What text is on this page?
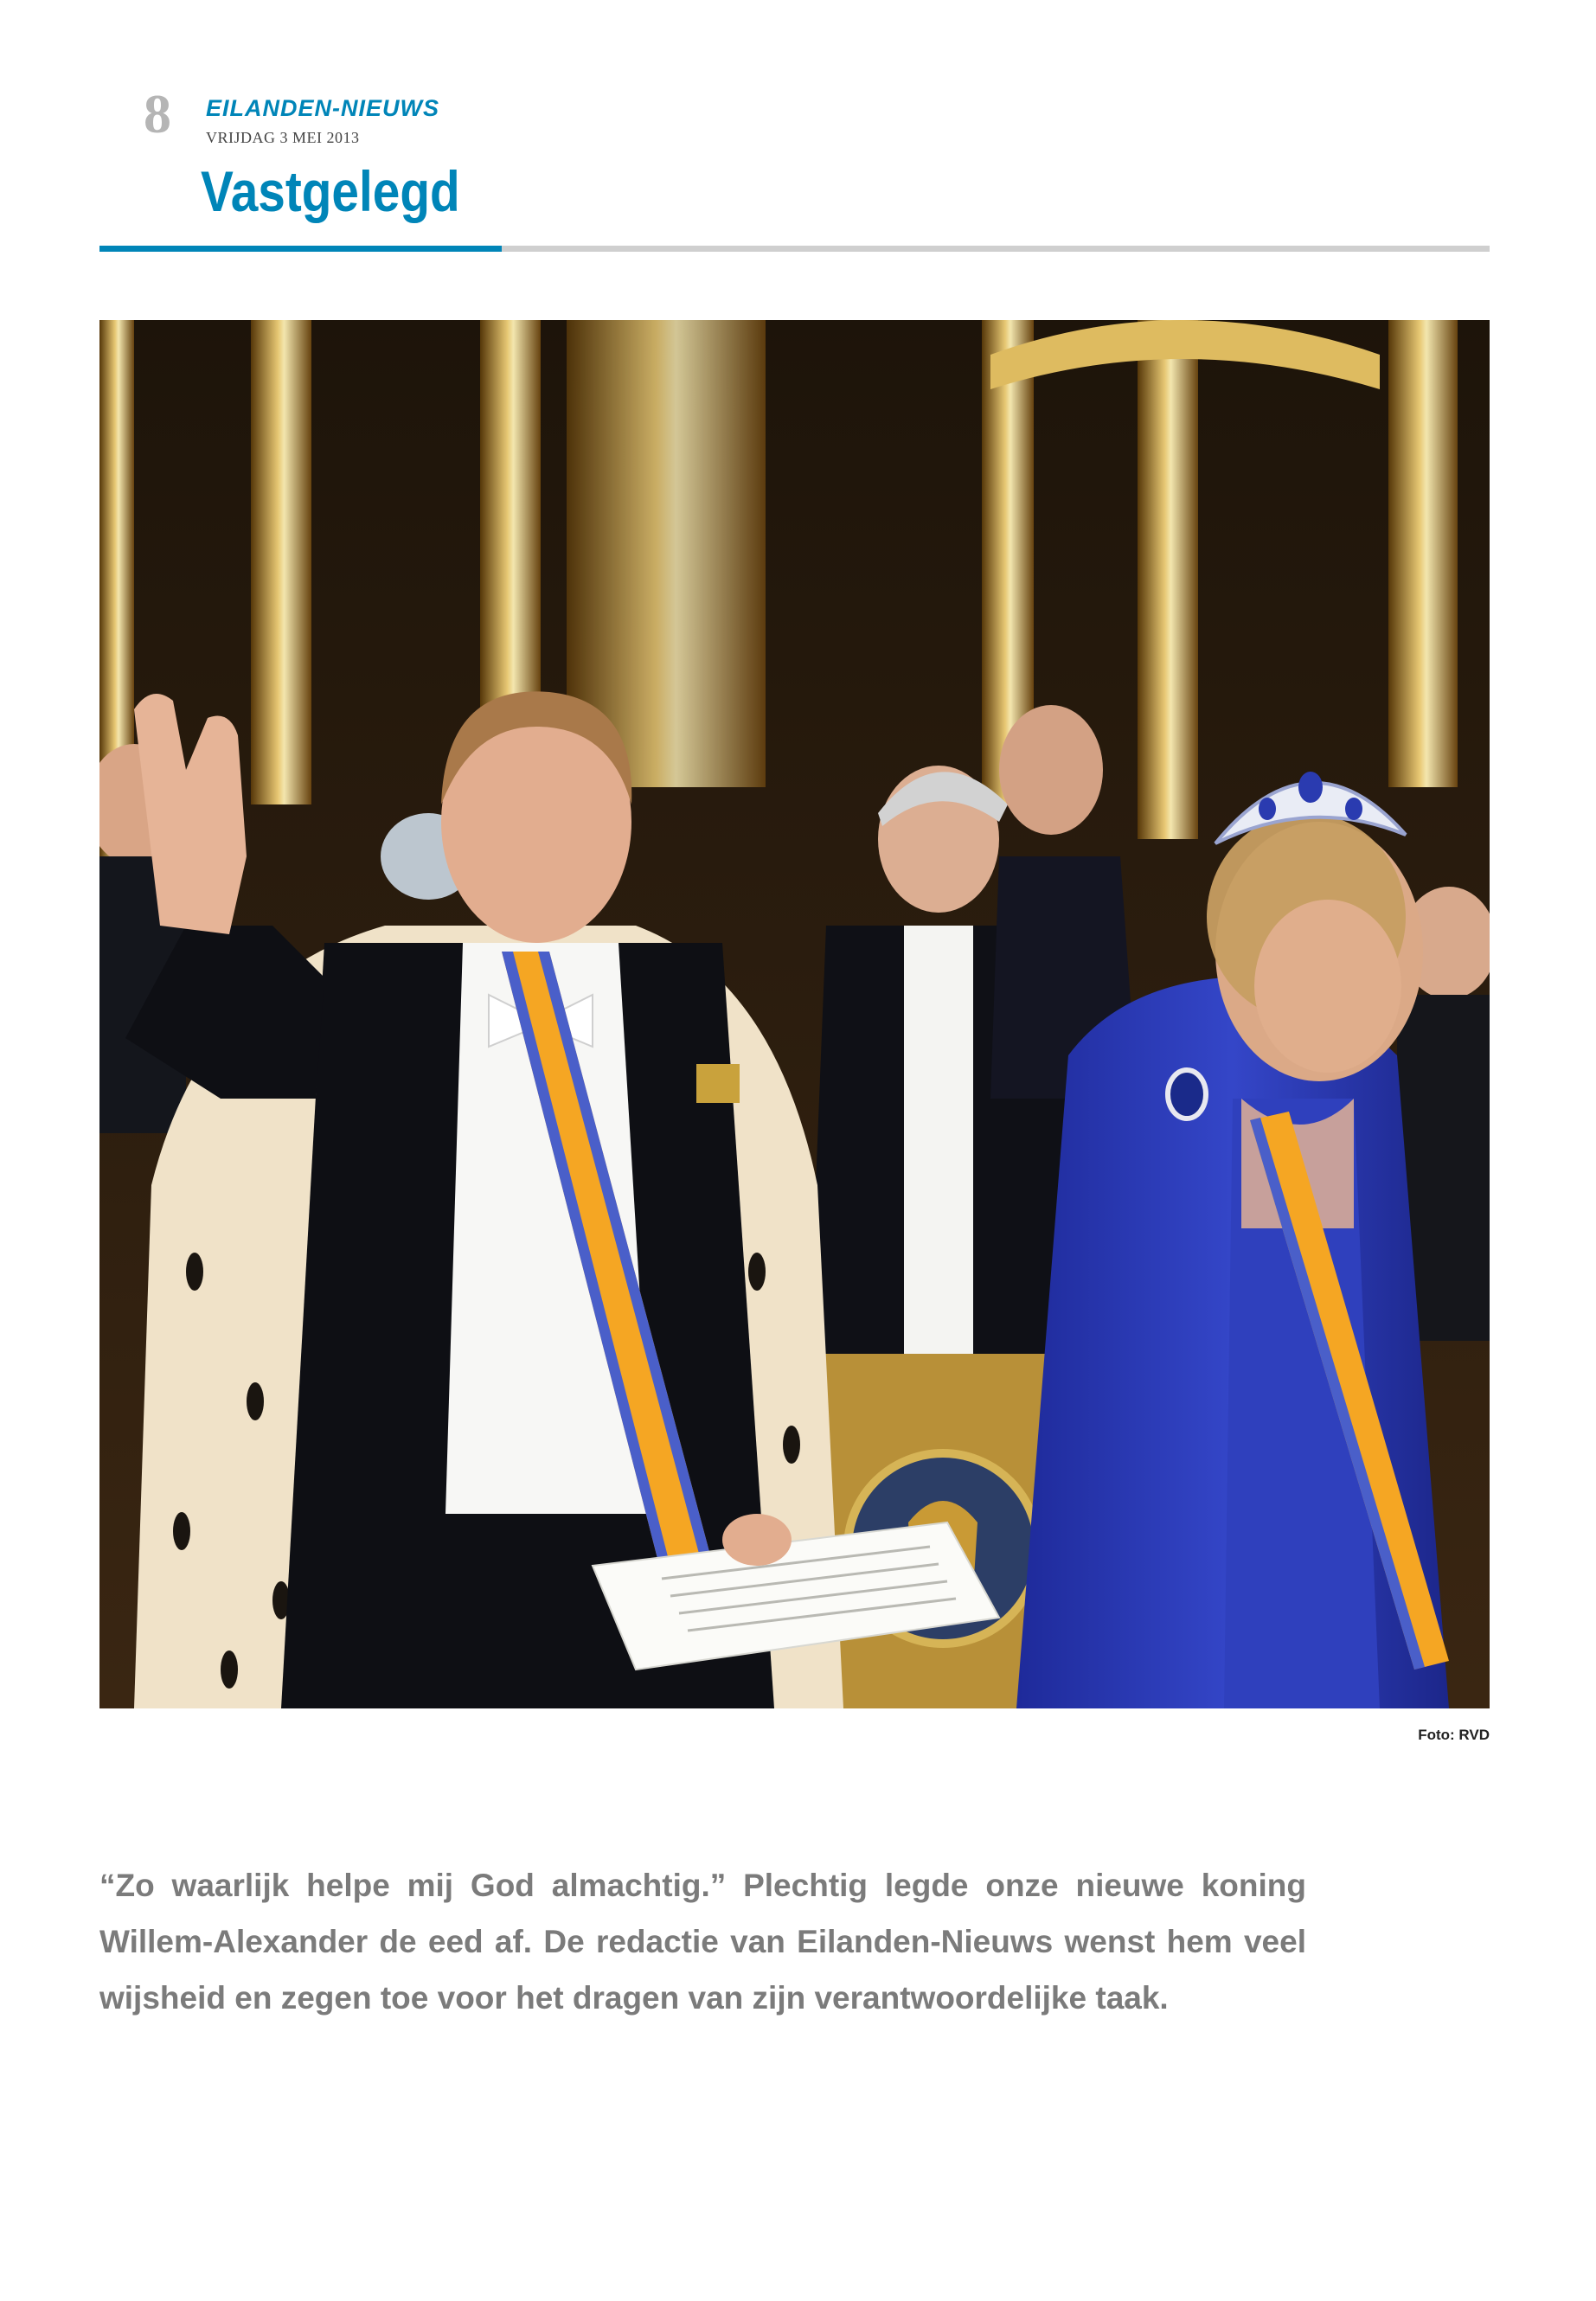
8 EILANDEN-NIEUWS
VRIJDAG 3 MEI 2013
Vastgelegd
Foto: RVD

“Zo waarlijk helpe mij God almachtig.” Plechtig legde onze nieuwe koning Willem-Alexander de eed af. De redactie van Eilanden-Nieuws wenst hem veel wijsheid en zegen toe voor het dragen van zijn verantwoordelijke taak.
